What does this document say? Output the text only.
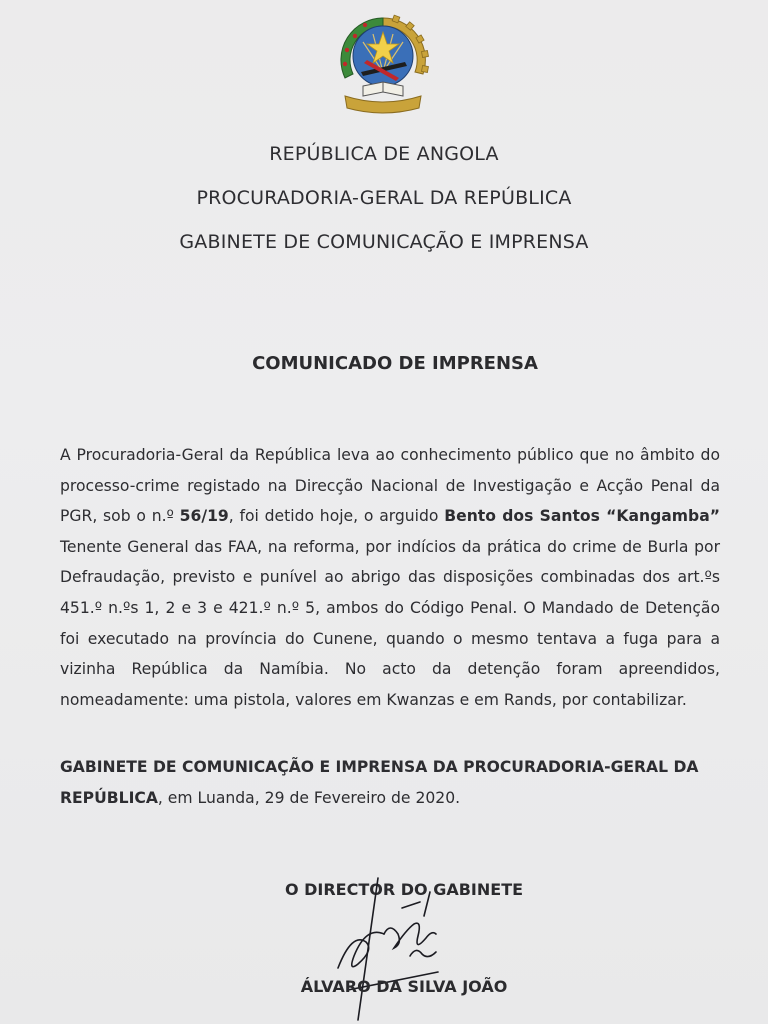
REPÚBLICA DE ANGOLA
PROCURADORIA-GERAL DA REPÚBLICA
GABINETE DE COMUNICAÇÃO E IMPRENSA
COMUNICADO DE IMPRENSA
A Procuradoria-Geral da República leva ao conhecimento público que no âmbito do processo-crime registado na Direcção Nacional de Investigação e Acção Penal da PGR, sob o n.º 56/19, foi detido hoje, o arguido Bento dos Santos “Kangamba” Tenente General das FAA, na reforma, por indícios da prática do crime de Burla por Defraudação, previsto e punível ao abrigo das disposições combinadas dos art.ºs 451.º n.ºs 1, 2 e 3 e 421.º n.º 5, ambos do Código Penal. O Mandado de Detenção foi executado na província do Cunene, quando o mesmo tentava a fuga para a vizinha República da Namíbia. No acto da detenção foram apreendidos, nomeadamente: uma pistola, valores em Kwanzas e em Rands, por contabilizar.
GABINETE DE COMUNICAÇÃO E IMPRENSA DA PROCURADORIA-GERAL DA REPÚBLICA, em Luanda, 29 de Fevereiro de 2020.
O DIRECTOR DO GABINETE
ÁLVARO DA SILVA JOÃO
